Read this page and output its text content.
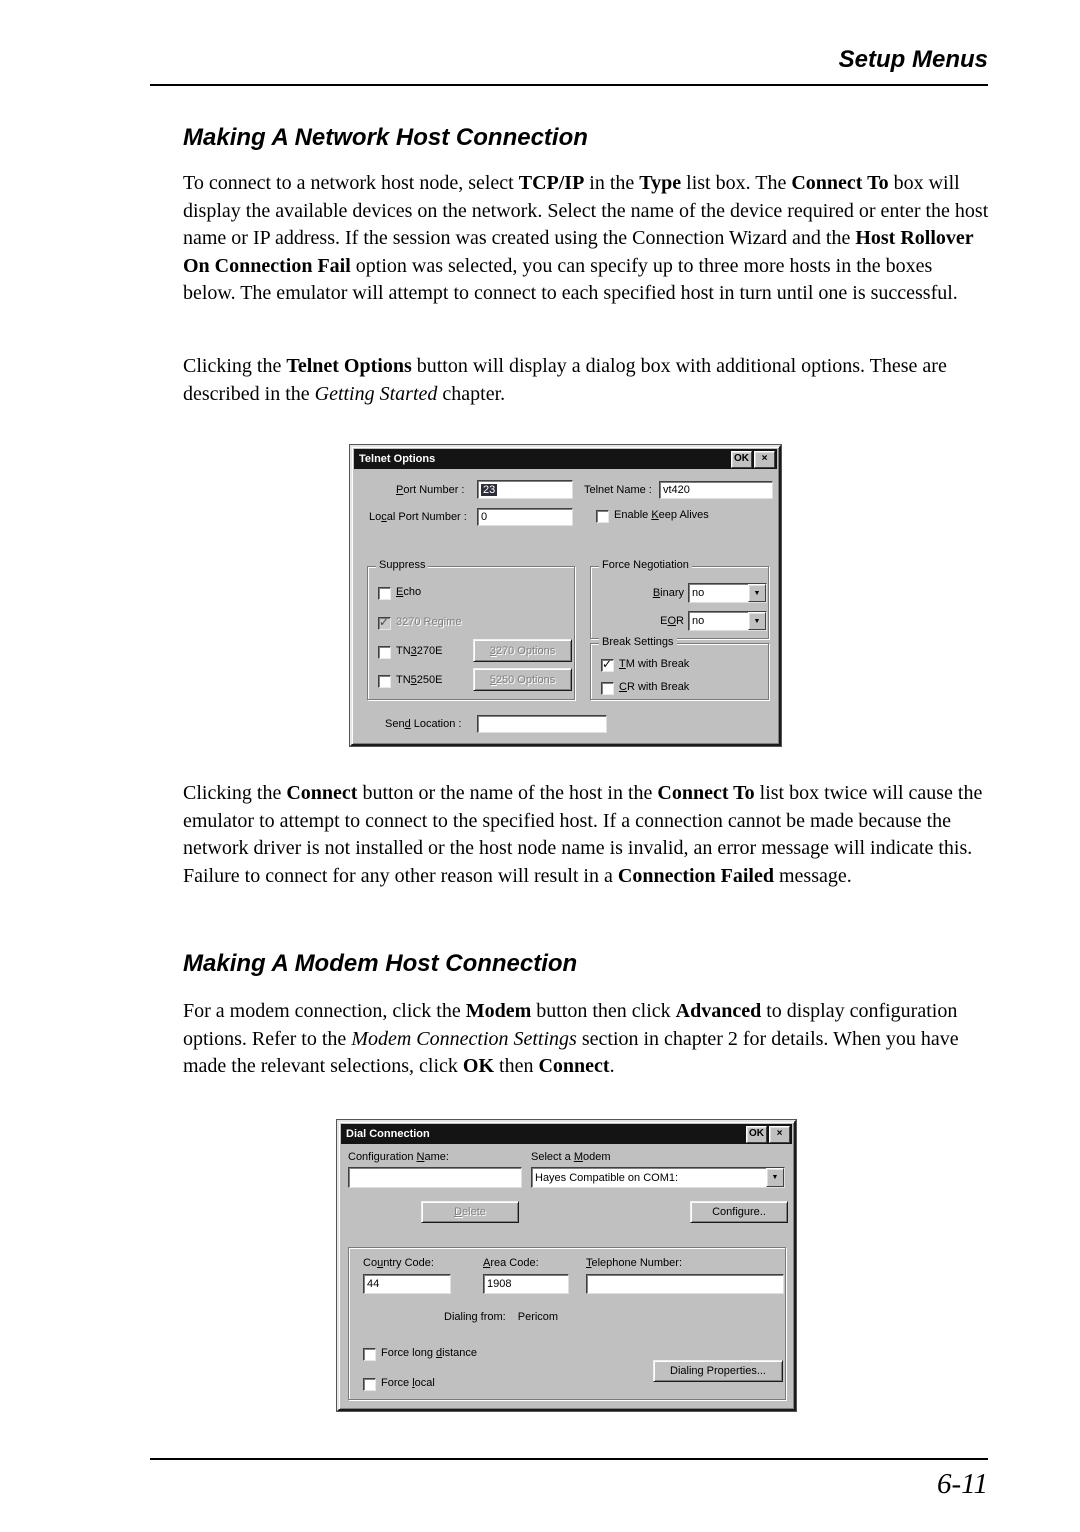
Setup Menus
Making A Network Host Connection

To connect to a network host node, select TCP/IP in the Type list box. The Connect To box will display the available devices on the network. Select the name of the device required or enter the host name or IP address. If the session was created using the Connection Wizard and the Host Rollover On Connection Fail option was selected, you can specify up to three more hosts in the boxes below. The emulator will attempt to connect to each specified host in turn until one is successful.

Clicking the Telnet Options button will display a dialog box with additional options. These are described in the Getting Started chapter.

Telnet Options	OK	×
Port Number : 23	Telnet Name :	vt420
Local Port Number :	0	Enable Keep Alives
Suppress
Echo
✓
3270 Regime
TN3270E	3 270 Options
TN5250E	5 250 Options
Force Negotiation
Binary no	▼
EOR no	▼
Break Settings
✓
TM with Break
CR with Break
Send Location :

Clicking the Connect button or the name of the host in the Connect To list box twice will cause the emulator to attempt to connect to the specified host. If a connection cannot be made because the network driver is not installed or the host node name is invalid, an error message will indicate this. Failure to connect for any other reason will result in a Connection Failed message.

Making A Modem Host Connection

For a modem connection, click the Modem button then click Advanced to display configuration options. Refer to the Modem Connection Settings section in chapter 2 for details. When you have made the relevant selections, click OK then Connect.

Dial Connection	OK	×
Configuration Name:	Select a Modem
Hayes Compatible on COM1:	▼
D elete	Confi g ure..
Country Code:
44
Area Code:
1908
Telephone Number:
Dialing from: Pericom
Force long distance
Force local
Dialing Properties...
6-11
